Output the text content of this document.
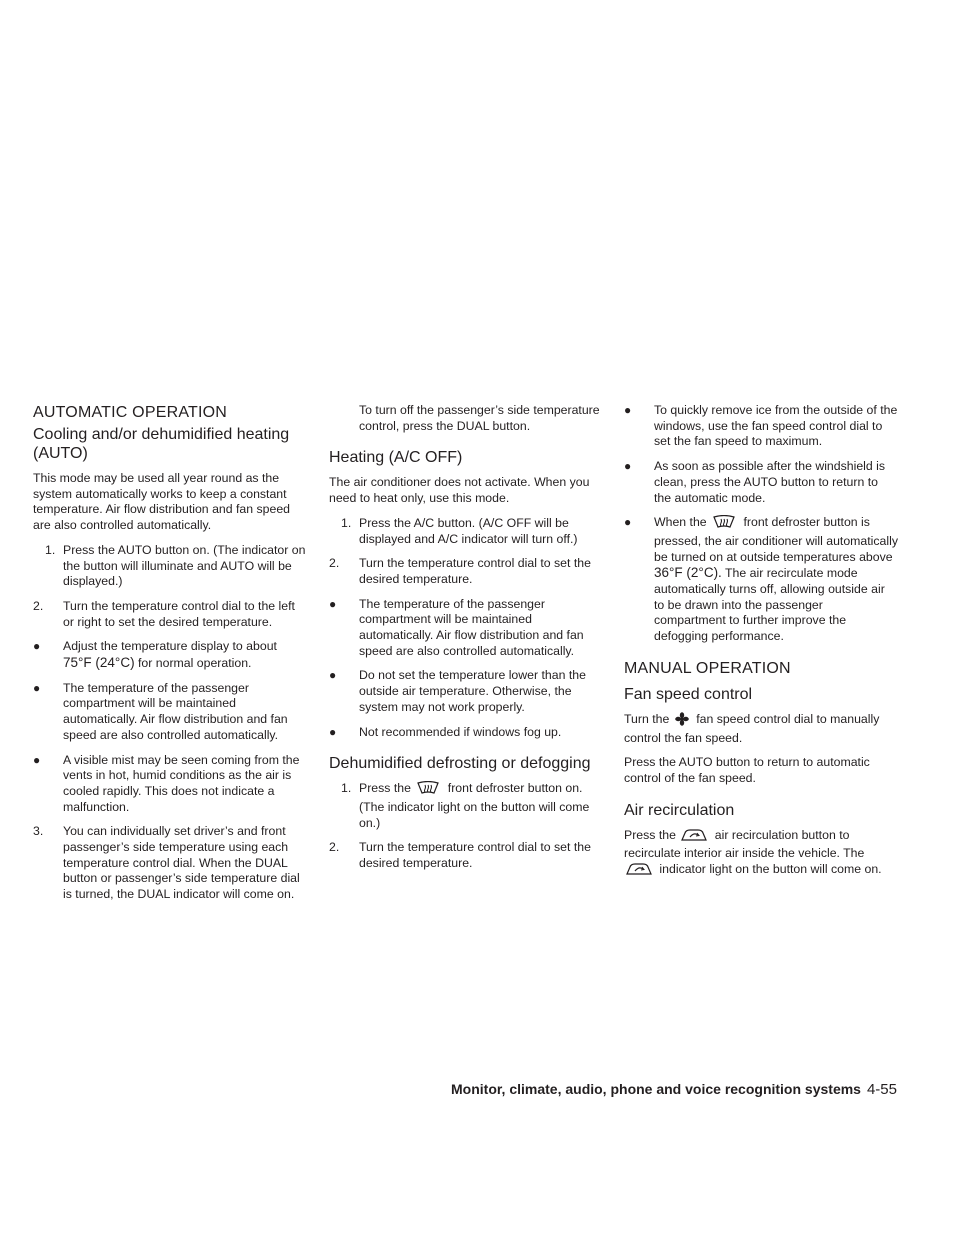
AUTOMATIC OPERATION
Cooling and/or dehumidified heating (AUTO)

This mode may be used all year round as the system automatically works to keep a constant temperature. Air flow distribution and fan speed are also controlled automatically.

1. Press the AUTO button on. (The indicator on the button will illuminate and AUTO will be displayed.)
2. Turn the temperature control dial to the left or right to set the desired temperature.
● Adjust the temperature display to about 75°F (24°C) for normal operation.
● The temperature of the passenger compartment will be maintained automatically. Air flow distribution and fan speed are also controlled automatically.
● A visible mist may be seen coming from the vents in hot, humid conditions as the air is cooled rapidly. This does not indicate a malfunction.
3. You can individually set driver’s and front passenger’s side temperature using each temperature control dial. When the DUAL button or passenger’s side temperature dial is turned, the DUAL indicator will come on.
To turn off the passenger’s side temperature control, press the DUAL button.
Heating (A/C OFF)

The air conditioner does not activate. When you need to heat only, use this mode.

1. Press the A/C button. (A/C OFF will be displayed and A/C indicator will turn off.)
2. Turn the temperature control dial to set the desired temperature.
● The temperature of the passenger compartment will be maintained automatically. Air flow distribution and fan speed are also controlled automatically.
● Do not set the temperature lower than the outside air temperature. Otherwise, the system may not work properly.
● Not recommended if windows fog up.
Dehumidified defrosting or defogging
1. Press the	front defroster button on. (The indicator light on the button will come on.)
2. Turn the temperature control dial to set the desired temperature.
● To quickly remove ice from the outside of the windows, use the fan speed control dial to set the fan speed to maximum.
● As soon as possible after the windshield is clean, press the AUTO button to return to the automatic mode.
● When the	front defroster button is pressed, the air conditioner will automatically be turned on at outside temperatures above 36°F (2°C). The air recirculate mode automatically turns off, allowing outside air to be drawn into the passenger compartment to further improve the defogging performance.
MANUAL OPERATION
Fan speed control

Turn the fan speed control dial to manually control the fan speed.

Press the AUTO button to return to automatic control of the fan speed.

Air recirculation

Press the	air recirculation button to recirculate interior air inside the vehicle. The  indicator light on the button will come on.

Monitor, climate, audio, phone and voice recognition systems 4-55
